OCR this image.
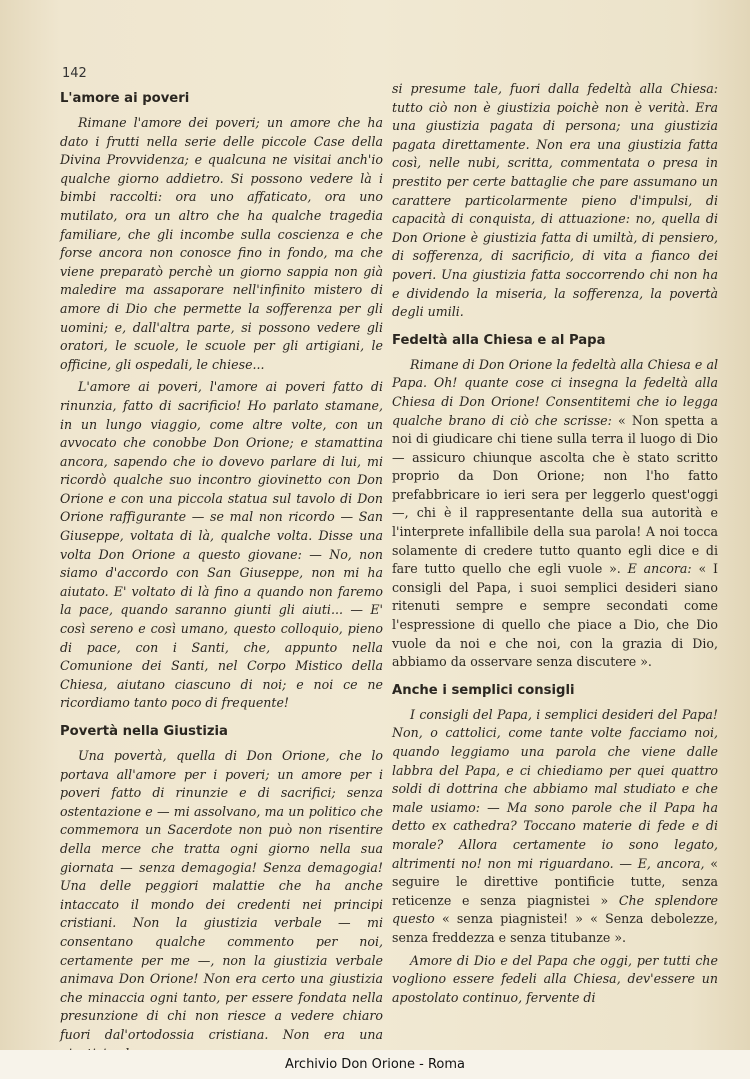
142
L'amore ai poveri

Rimane l'amore dei poveri; un amore che ha dato i frutti nella serie delle piccole Case della Divina Provvidenza; e qualcuna ne visitai anch'io qualche giorno addietro. Si possono vedere là i bimbi raccolti: ora uno affaticato, ora uno mutilato, ora un altro che ha qualche tragedia familiare, che gli incombe sulla coscienza e che forse ancora non conosce fino in fondo, ma che viene preparatò perchè un giorno sappia non già maledire ma assaporare nell'infinito mistero di amore di Dio che permette la sofferenza per gli uomini; e, dall'altra parte, si possono vedere gli oratori, le scuole, le scuole per gli artigiani, le officine, gli ospedali, le chiese...

L'amore ai poveri, l'amore ai poveri fatto di rinunzia, fatto di sacrificio! Ho parlato stamane, in un lungo viaggio, come altre volte, con un avvocato che conobbe Don Orione; e stamattina ancora, sapendo che io dovevo parlare di lui, mi ricordò qualche suo incontro giovinetto con Don Orione e con una piccola statua sul tavolo di Don Orione raffigurante — se mal non ricordo — San Giuseppe, voltata di là, qualche volta. Disse una volta Don Orione a questo giovane: — No, non siamo d'accordo con San Giuseppe, non mi ha aiutato. E' voltato di là fino a quando non faremo la pace, quando saranno giunti gli aiuti... — E' così sereno e così umano, questo colloquio, pieno di pace, con i Santi, che, appunto nella Comunione dei Santi, nel Corpo Mistico della Chiesa, aiutano ciascuno di noi; e noi ce ne ricordiamo tanto poco di frequente!

Povertà nella Giustizia

Una povertà, quella di Don Orione, che lo portava all'amore per i poveri; un amore per i poveri fatto di rinunzie e di sacrifici; senza ostentazione e — mi assolvano, ma un politico che commemora un Sacerdote non può non risentire della merce che tratta ogni giorno nella sua giornata — senza demagogia! Senza demagogia! Una delle peggiori malattie che ha anche intaccato il mondo dei credenti nei principi cristiani. Non la giustizia verbale — mi consentano qualche commento per noi, certamente per me —, non la giustizia verbale animava Don Orione! Non era certo una giustizia che minaccia ogni tanto, per essere fondata nella presunzione di chi non riesce a vedere chiaro fuori dal'ortodossia cristiana. Non era una

si presume tale, fuori dalla fedeltà alla Chiesa: tutto ciò non è giustizia poichè non è verità. Era una giustizia pagata di persona; una giustizia pagata direttamente. Non era una giustizia fatta così, nelle nubi, scritta, commentata o presa in prestito per certe battaglie che pare assumano un carattere particolarmente pieno d'impulsi, di capacità di conquista, di attuazione: no, quella di Don Orione è giustizia fatta di umiltà, di pensiero, di sofferenza, di sacrificio, di vita a fianco dei poveri. Una giustizia fatta soccorrendo chi non ha e dividendo la miseria, la sofferenza, la povertà degli umili.

Fedeltà alla Chiesa e al Papa

Rimane di Don Orione la fedeltà alla Chiesa e al Papa. Oh! quante cose ci insegna la fedeltà alla Chiesa di Don Orione! Consentitemi che io legga qualche brano di ciò che scrisse: « Non spetta a noi di giudicare chi tiene sulla terra il luogo di Dio — assicuro chiunque ascolta che è stato scritto proprio da Don Orione; non l'ho fatto prefabbricare io ieri sera per leggerlo quest'oggi —, chi è il rappresentante della sua autorità e l'interprete infallibile della sua parola! A noi tocca solamente di credere tutto quanto egli dice e di fare tutto quello che egli vuole ». E ancora: « I consigli del Papa, i suoi semplici desideri siano ritenuti sempre e sempre secondati come l'espressione di quello che piace a Dio, che Dio vuole da noi e che noi, con la grazia di Dio, abbiamo da osservare senza discutere ».

Anche i semplici consigli

I consigli del Papa, i semplici desideri del Papa! Non, o cattolici, come tante volte facciamo noi, quando leggiamo una parola che viene dalle labbra del Papa, e ci chiediamo per quei quattro soldi di dottrina che abbiamo mal studiato e che male usiamo: — Ma sono parole che il Papa ha detto ex cathedra? Toccano materie di fede e di morale? Allora certamente io sono legato, altrimenti no! non mi riguardano. — E, ancora, « seguire le direttive pontificie tutte, senza reticenze e senza piagnistei » Che splendore questo « senza piagnistei! » « Senza debolezze, senza freddezza e senza titubanze ».

Amore di Dio e del Papa che oggi, per tutti che vogliono essere fedeli alla Chiesa, dev'essere un apostolato continuo, fervente di

Archivio Don Orione - Roma
